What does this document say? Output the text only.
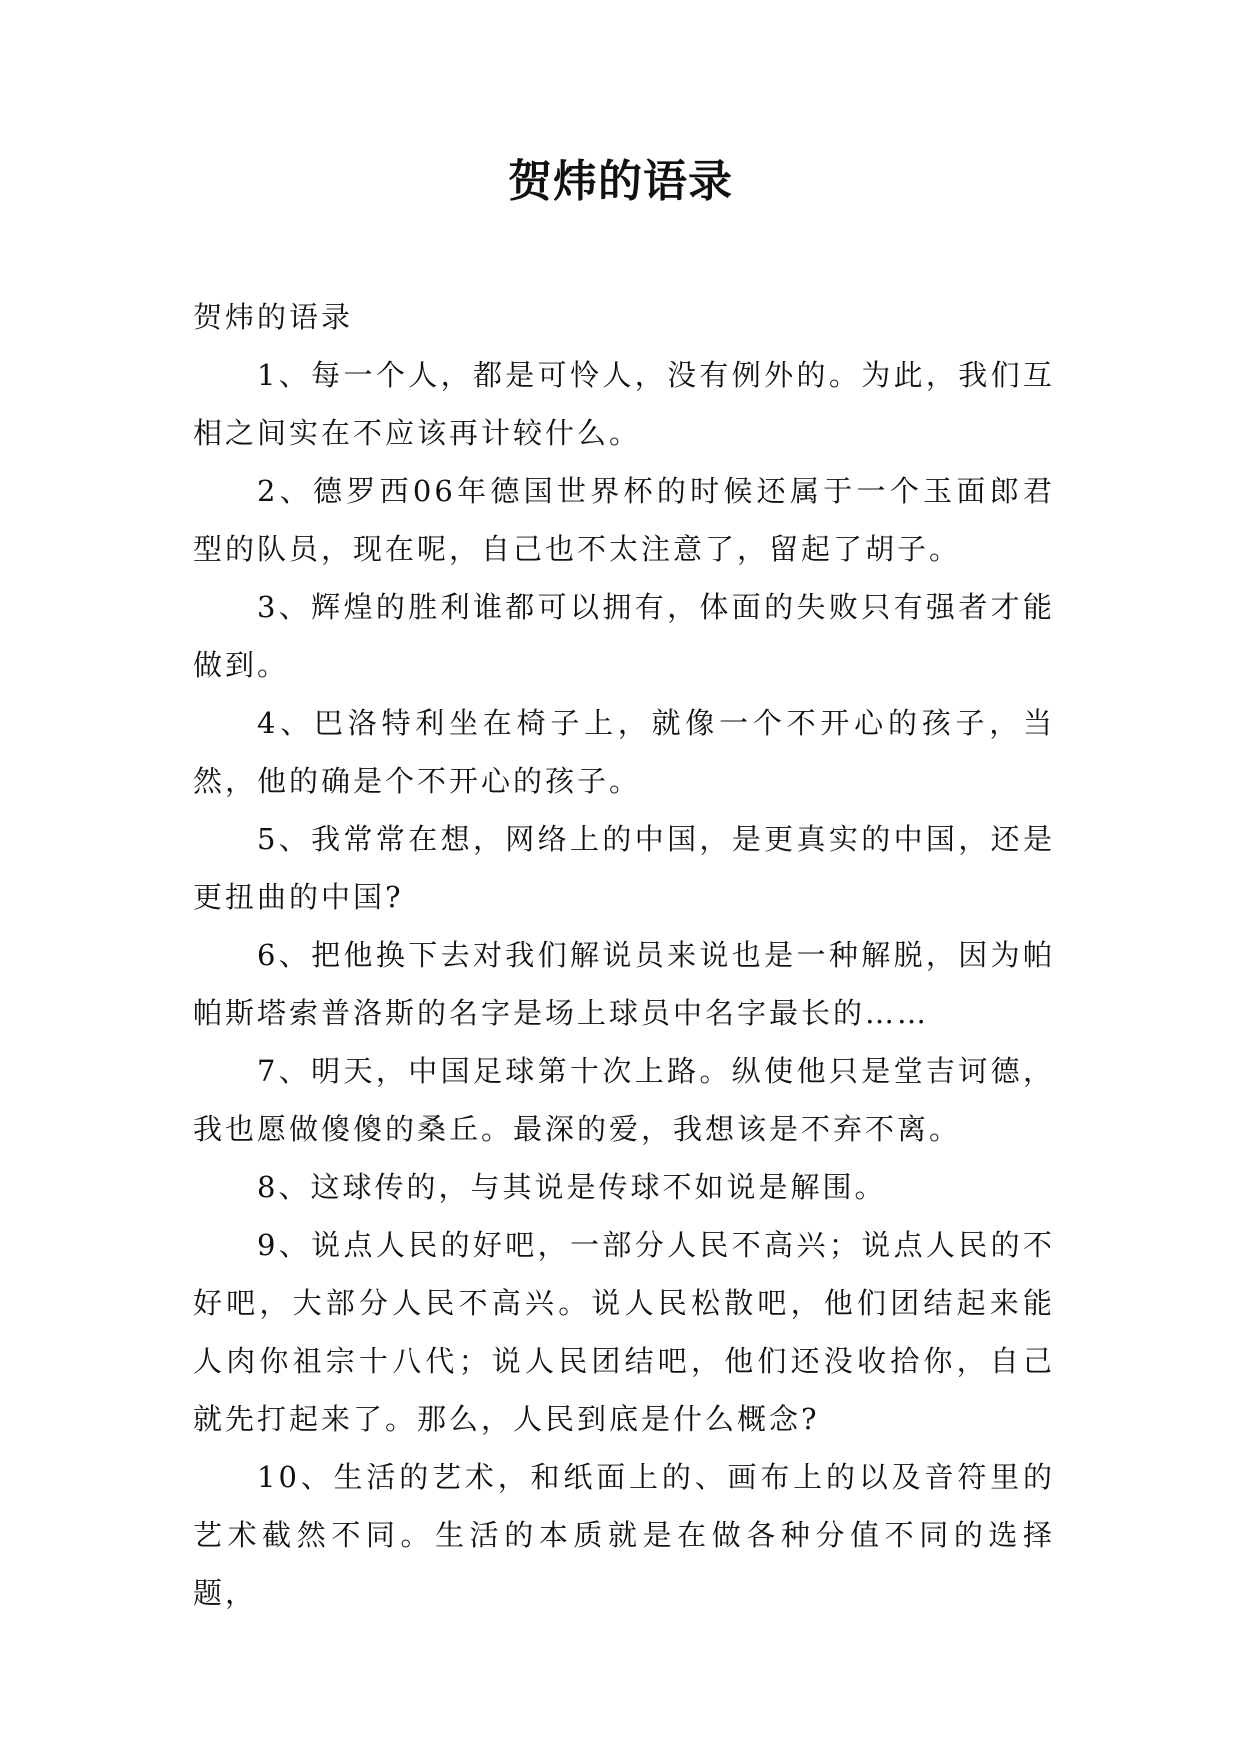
贺炜的语录

贺炜的语录

1、每一个人，都是可怜人，没有例外的。为此，我们互相之间实在不应该再计较什么。

2、德罗西06年德国世界杯的时候还属于一个玉面郎君型的队员，现在呢，自己也不太注意了，留起了胡子。

3、辉煌的胜利谁都可以拥有，体面的失败只有强者才能做到。

4、巴洛特利坐在椅子上，就像一个不开心的孩子，当然，他的确是个不开心的孩子。

5、我常常在想，网络上的中国，是更真实的中国，还是更扭曲的中国?

6、把他换下去对我们解说员来说也是一种解脱，因为帕帕斯塔索普洛斯的名字是场上球员中名字最长的……

7、明天，中国足球第十次上路。纵使他只是堂吉诃德，我也愿做傻傻的桑丘。最深的爱，我想该是不弃不离。

8、这球传的，与其说是传球不如说是解围。

9、说点人民的好吧，一部分人民不高兴；说点人民的不好吧，大部分人民不高兴。说人民松散吧，他们团结起来能人肉你祖宗十八代；说人民团结吧，他们还没收拾你，自己就先打起来了。那么，人民到底是什么概念?

10、生活的艺术，和纸面上的、画布上的以及音符里的艺术截然不同。生活的本质就是在做各种分值不同的选择题，
